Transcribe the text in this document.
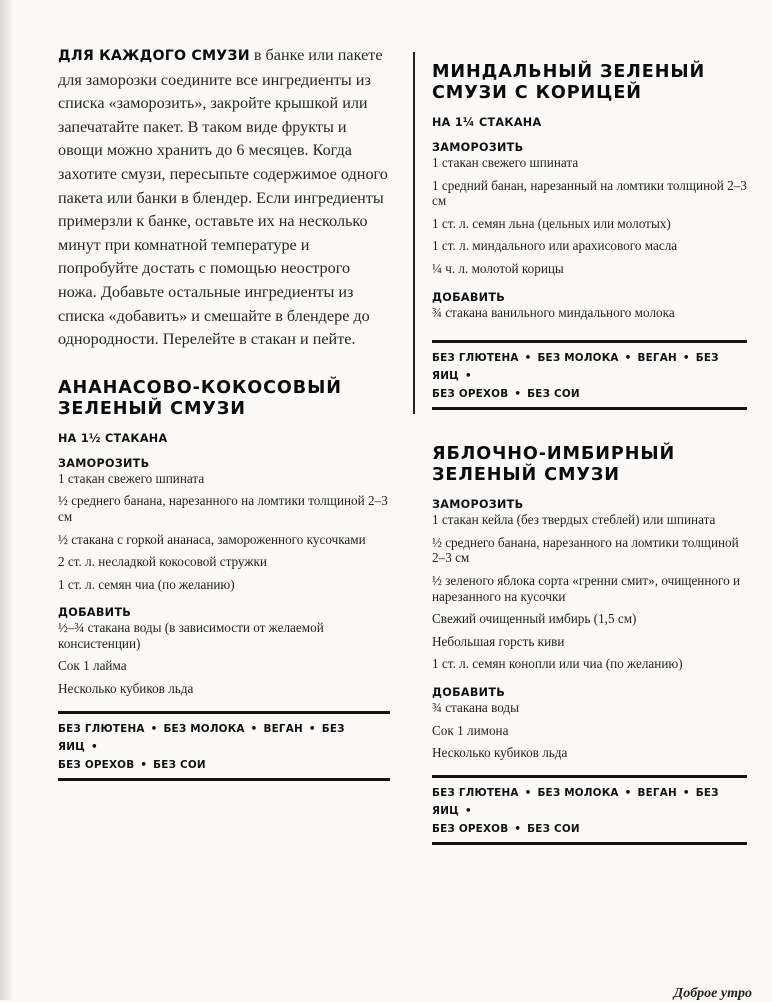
ДЛЯ КАЖДОГО СМУЗИ в банке или пакете для заморозки соедините все ингредиенты из списка «заморозить», закройте крышкой или запечатайте пакет. В таком виде фрукты и овощи можно хранить до 6 месяцев. Когда захотите смузи, пересыпьте содержимое одного пакета или банки в блендер. Если ингредиенты примерзли к банке, оставьте их на несколько минут при комнатной температуре и попробуйте достать с помощью неострого ножа. Добавьте остальные ингредиенты из списка «добавить» и смешайте в блендере до однородности. Перелейте в стакан и пейте.

АНАНАСОВО-КОКОСОВЫЙ
ЗЕЛЕНЫЙ СМУЗИ
НА 1½ СТАКАНА
ЗАМОРОЗИТЬ
1 стакан свежего шпината
½ среднего банана, нарезанного на ломтики толщиной 2–3 см
½ стакана с горкой ананаса, замороженного кусочками
2 ст. л. несладкой кокосовой стружки
1 ст. л. семян чиа (по желанию)
ДОБАВИТЬ
½–¾ стакана воды (в зависимости от желаемой консистенции)
Сок 1 лайма
Несколько кубиков льда
БЕЗ ГЛЮТЕНА • БЕЗ МОЛОКА • ВЕГАН • БЕЗ ЯИЦ •
БЕЗ ОРЕХОВ • БЕЗ СОИ
МИНДАЛЬНЫЙ ЗЕЛЕНЫЙ
СМУЗИ С КОРИЦЕЙ
НА 1¼ СТАКАНА
ЗАМОРОЗИТЬ
1 стакан свежего шпината
1 средний банан, нарезанный на ломтики толщиной 2–3 см
1 ст. л. семян льна (цельных или молотых)
1 ст. л. миндального или арахисового масла
¼ ч. л. молотой корицы
ДОБАВИТЬ
¾ стакана ванильного миндального молока
БЕЗ ГЛЮТЕНА • БЕЗ МОЛОКА • ВЕГАН • БЕЗ ЯИЦ •
БЕЗ ОРЕХОВ • БЕЗ СОИ
ЯБЛОЧНО-ИМБИРНЫЙ
ЗЕЛЕНЫЙ СМУЗИ
ЗАМОРОЗИТЬ
1 стакан кейла (без твердых стеблей) или шпината
½ среднего банана, нарезанного на ломтики толщиной 2–3 см
½ зеленого яблока сорта «гренни смит», очищенного и нарезанного на кусочки
Свежий очищенный имбирь (1,5 см)
Небольшая горсть киви
1 ст. л. семян конопли или чиа (по желанию)
ДОБАВИТЬ
¾ стакана воды
Сок 1 лимона
Несколько кубиков льда
БЕЗ ГЛЮТЕНА • БЕЗ МОЛОКА • ВЕГАН • БЕЗ ЯИЦ •
БЕЗ ОРЕХОВ • БЕЗ СОИ
Доброе утро
